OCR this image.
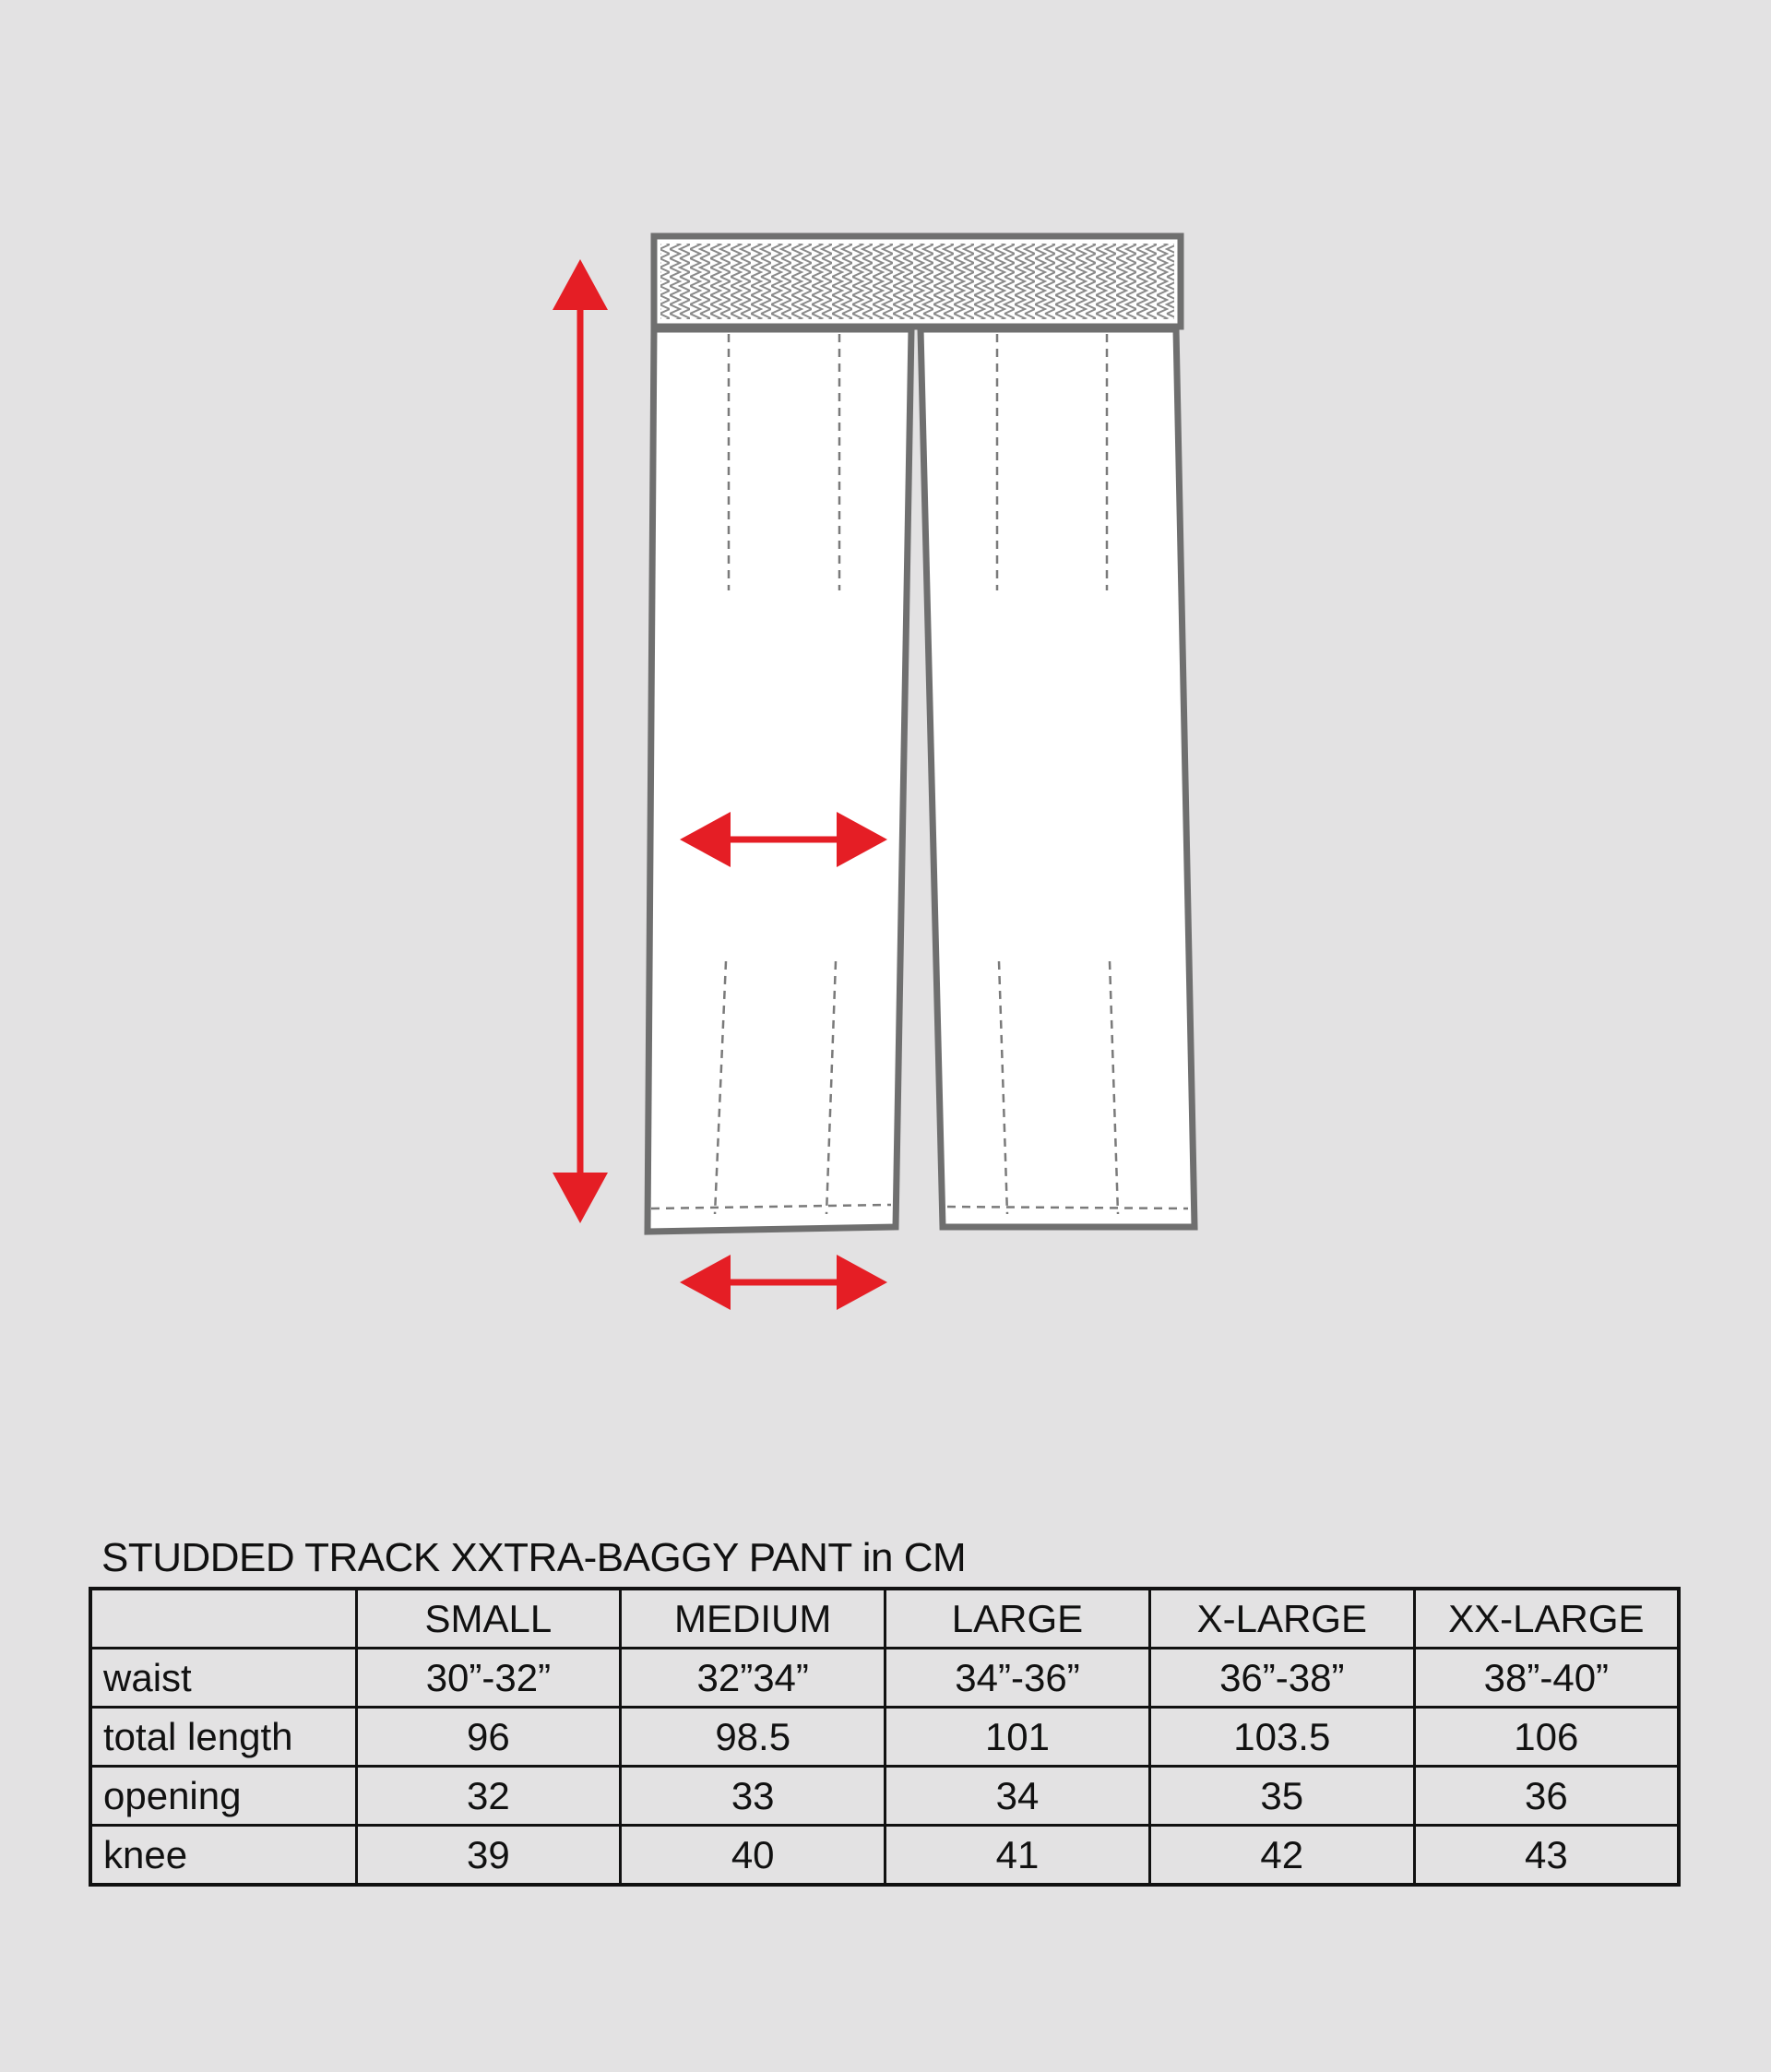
STUDDED TRACK XXTRA-BAGGY PANT in CM
	SMALL	MEDIUM	LARGE	X-LARGE	XX-LARGE
waist	30”-32”	32”34”	34”-36”	36”-38”	38”-40”
total length	96	98.5	101	103.5	106
opening	32	33	34	35	36
knee	39	40	41	42	43
